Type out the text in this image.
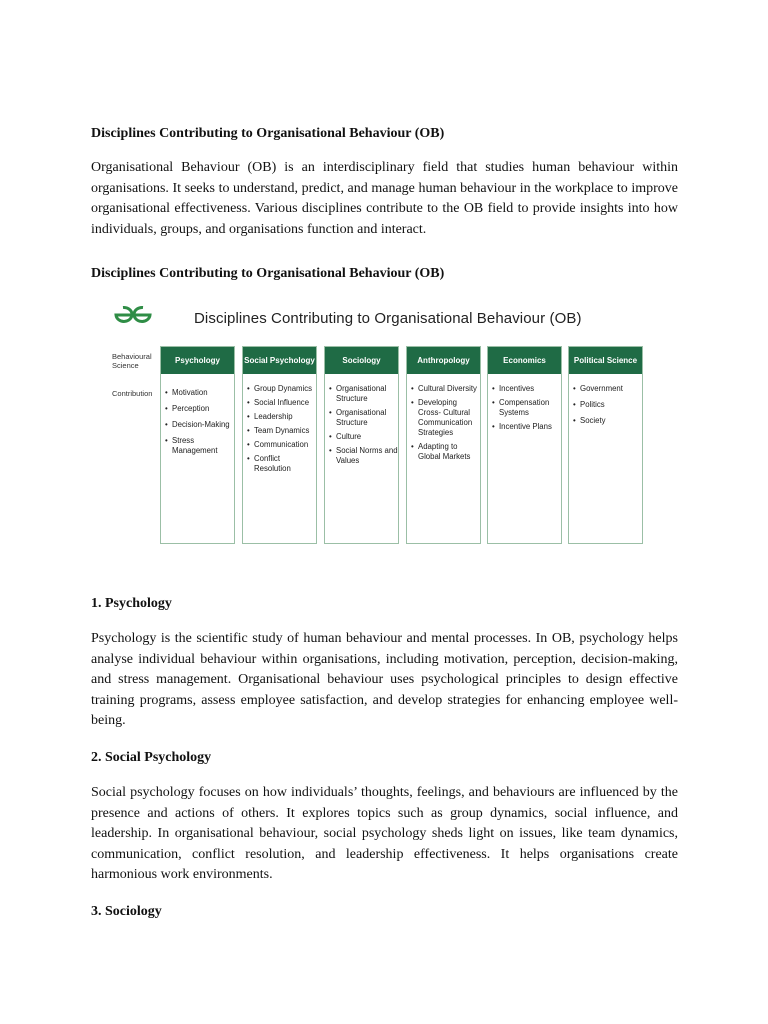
Disciplines Contributing to Organisational Behaviour (OB)

Organisational Behaviour (OB) is an interdisciplinary field that studies human behaviour within organisations. It seeks to understand, predict, and manage human behaviour in the workplace to improve organisational effectiveness. Various disciplines contribute to the OB field to provide insights into how individuals, groups, and organisations function and interact.

Disciplines Contributing to Organisational Behaviour (OB)
1. Psychology

Psychology is the scientific study of human behaviour and mental processes. In OB, psychology helps analyse individual behaviour within organisations, including motivation, perception, decision-making, and stress management. Organisational behaviour uses psychological principles to design effective training programs, assess employee satisfaction, and develop strategies for enhancing employee well-being.

2. Social Psychology

Social psychology focuses on how individuals’ thoughts, feelings, and behaviours are influenced by the presence and actions of others. It explores topics such as group dynamics, social influence, and leadership. In organisational behaviour, social psychology sheds light on issues, like team dynamics, communication, conflict resolution, and leadership effectiveness. It helps organisations create harmonious work environments.

3. Sociology
Disciplines Contributing to Organisational Behaviour (OB)
Behavioural Science
Contribution
Psychology
• Motivation
• Perception
• Decision-Making
• Stress Management
Social Psychology
• Group Dynamics
• Social Influence
• Leadership
• Team Dynamics
• Communication
• Conflict Resolution
Sociology
• Organisational Structure
• Organisational Structure
• Culture
• Social Norms and Values
Anthropology
• Cultural Diversity
• Developing Cross- Cultural Communication Strategies
• Adapting to Global Markets
Economics
• Incentives
• Compensation Systems
• Incentive Plans
Political Science
• Government
• Politics
• Society
